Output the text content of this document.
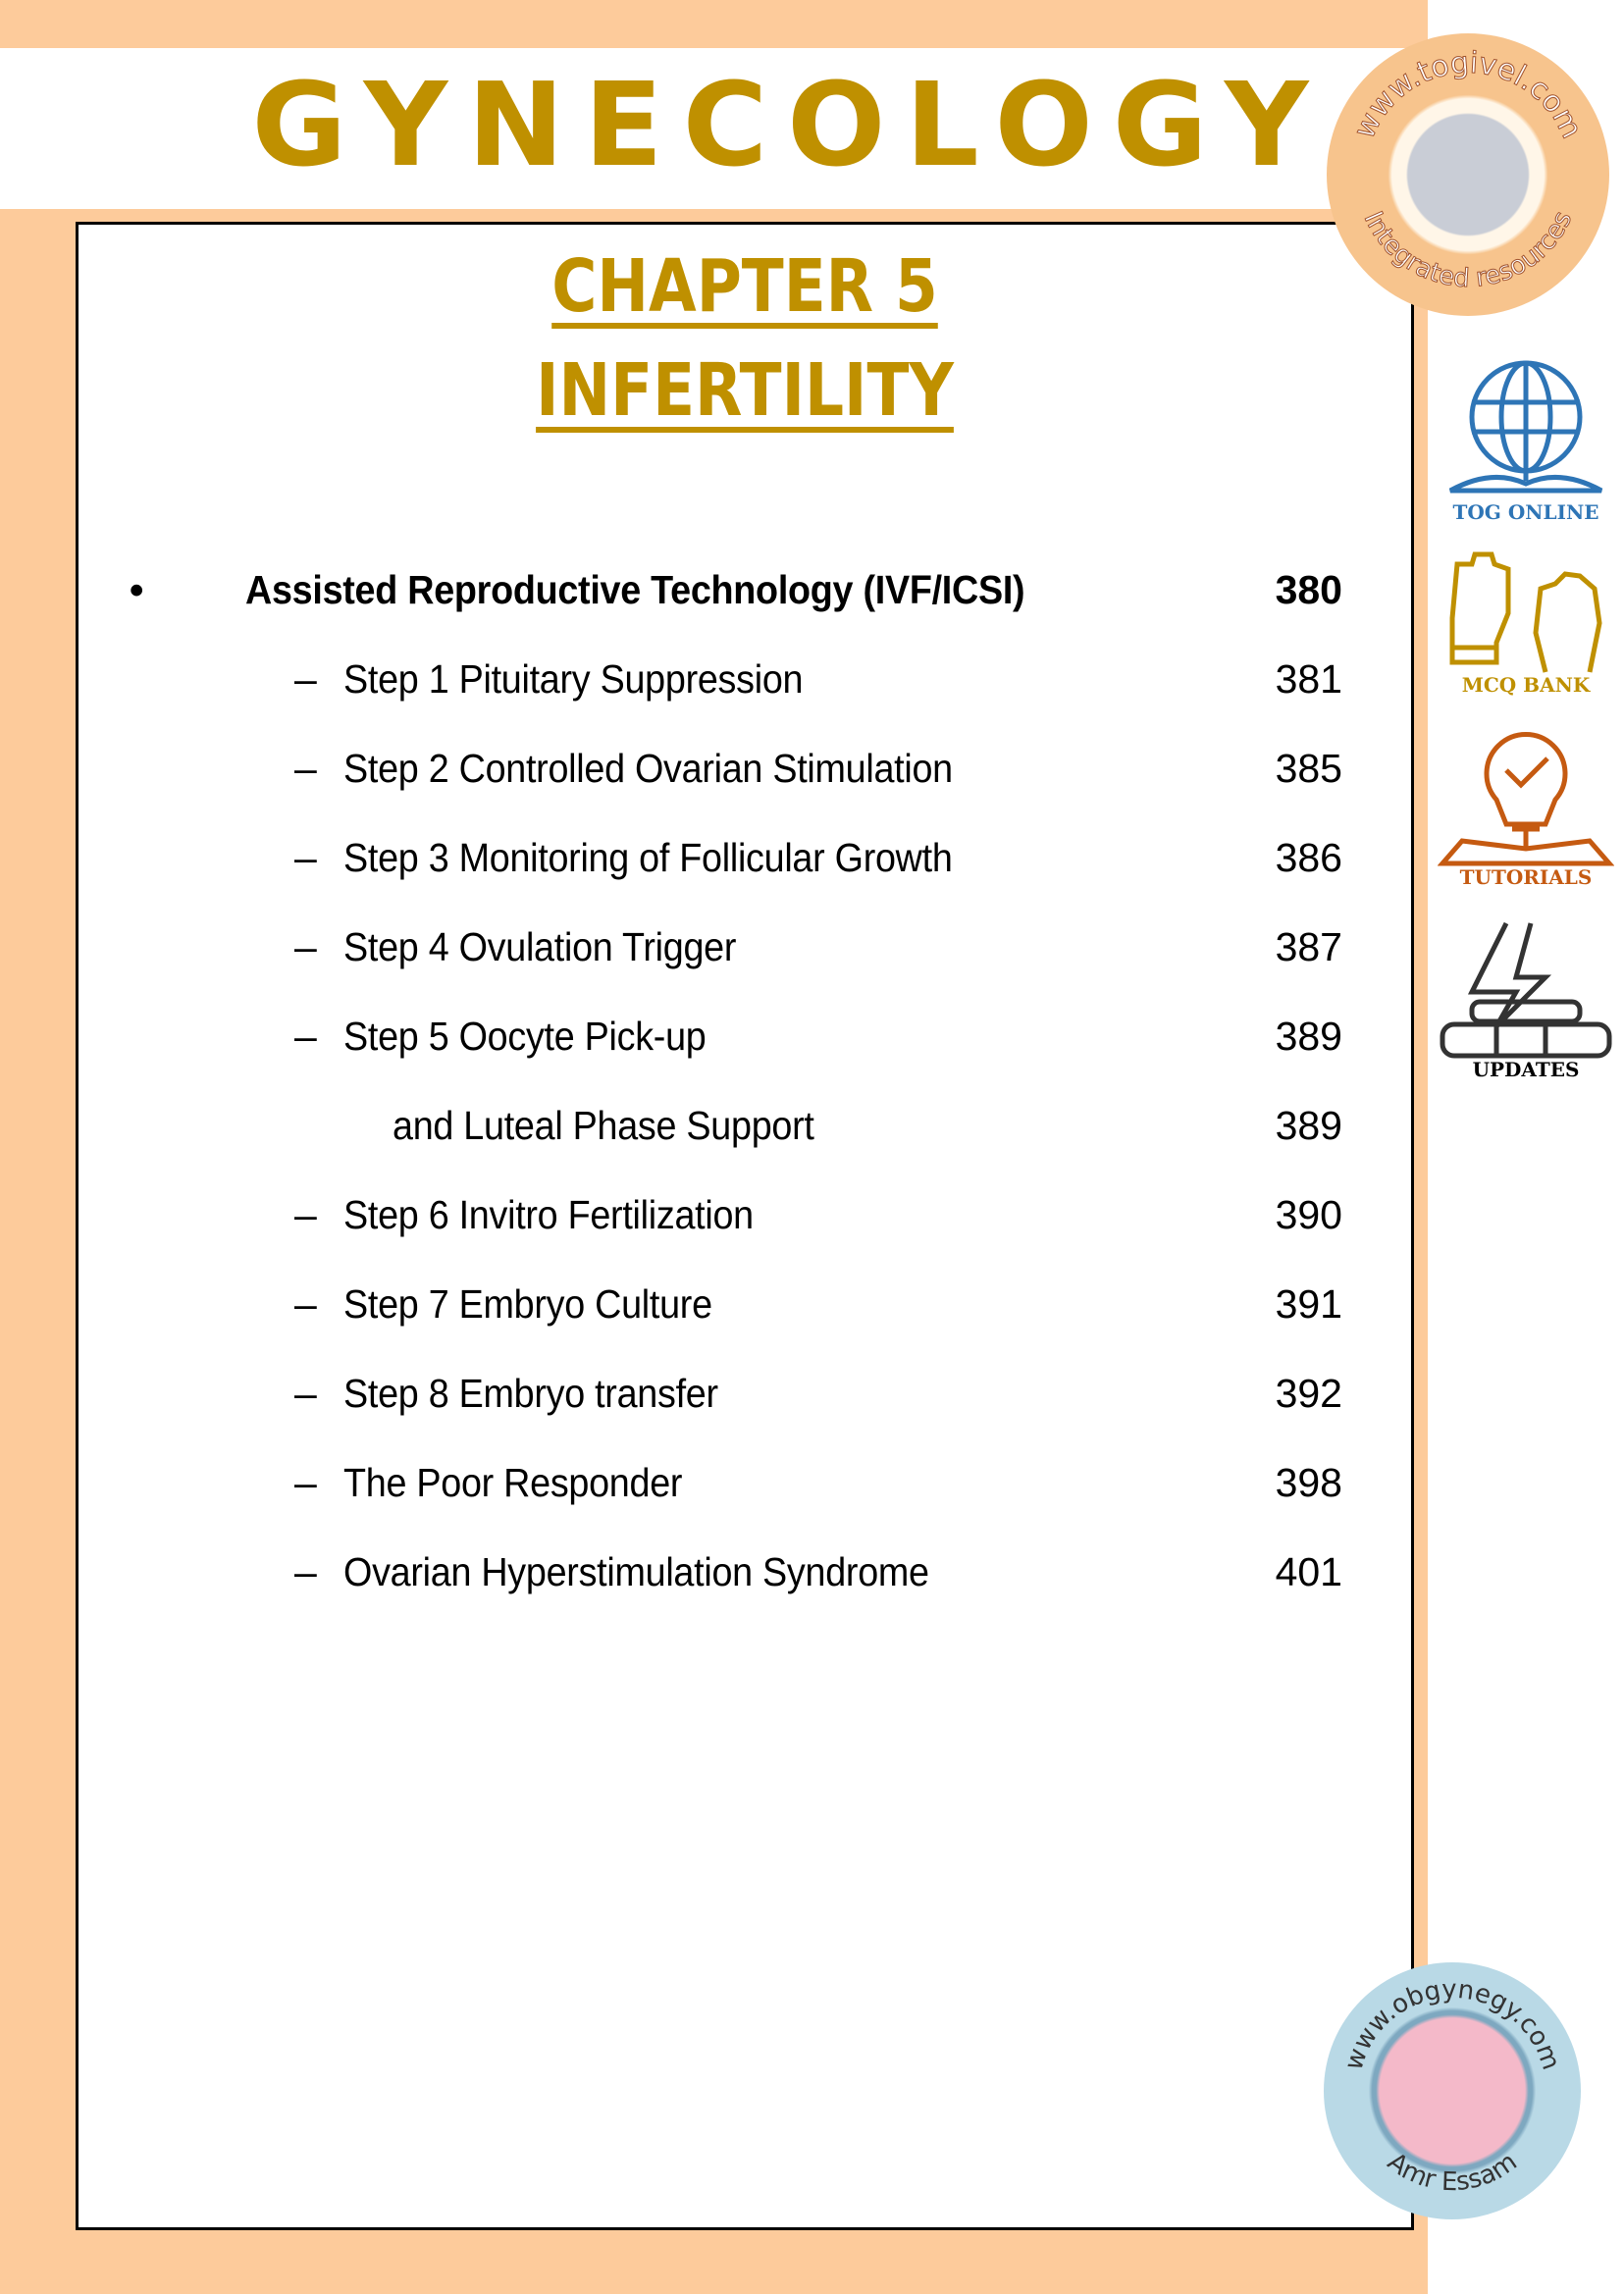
GYNECOLOGY
CHAPTER 5
INFERTILITY
•	Assisted Reproductive Technology (IVF/ICSI)	380
– Step 1 Pituitary Suppression	381
– Step 2 Controlled Ovarian Stimulation	385
– Step 3 Monitoring of Follicular Growth	386
– Step 4 Ovulation Trigger	387
– Step 5 Oocyte Pick-up	389
and Luteal Phase Support	389
– Step 6 Invitro Fertilization	390
– Step 7 Embryo Culture	391
– Step 8 Embryo transfer	392
– The Poor Responder	398
– Ovarian Hyperstimulation Syndrome	401
www.togivel.com
Integrated resources
www.obgynegy.com
Amr Essam
TOG ONLINE
MCQ BANK
TUTORIALS
UPDATES
